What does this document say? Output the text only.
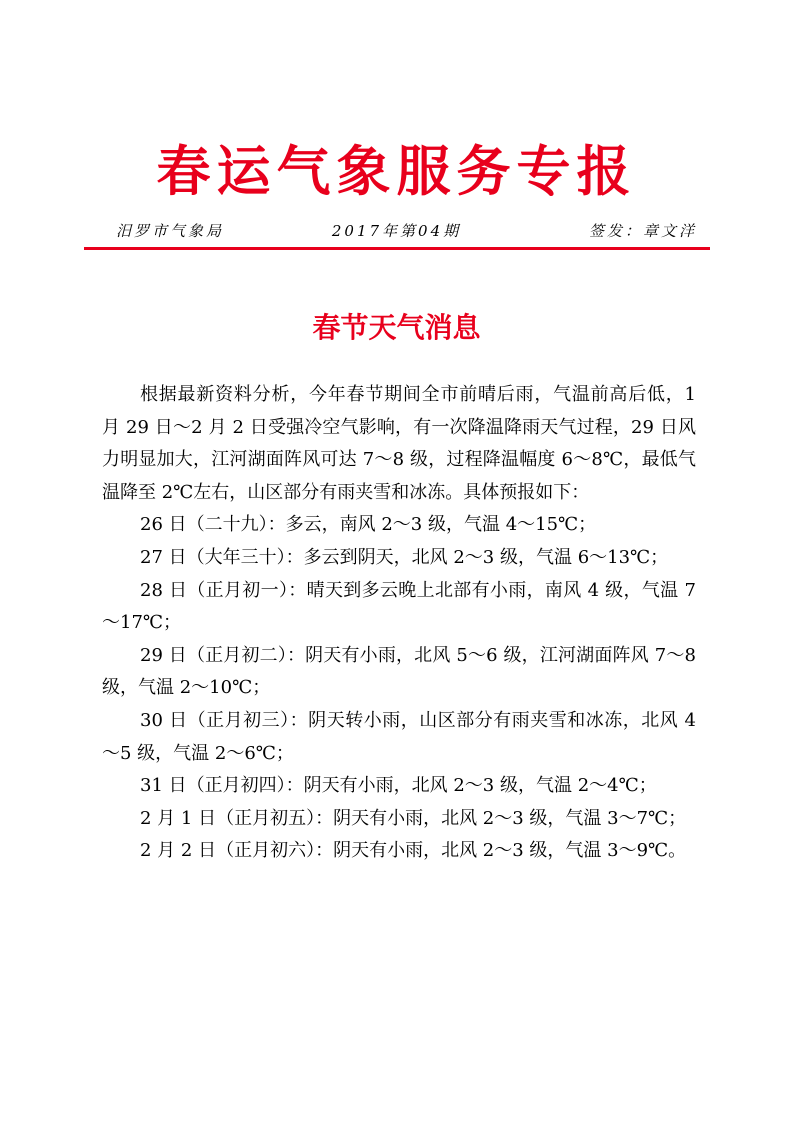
春运气象服务专报
汨罗市气象局	2017年第04期	签发：章文洋
春节天气消息

根据最新资料分析，今年春节期间全市前晴后雨，气温前高后低，1 月 29 日～2 月 2 日受强冷空气影响，有一次降温降雨天气过程，29 日风力明显加大，江河湖面阵风可达 7～8 级，过程降温幅度 6～8℃，最低气温降至 2℃左右，山区部分有雨夹雪和冰冻。具体预报如下：

26 日（二十九）：多云，南风 2～3 级，气温 4～15℃；

27 日（大年三十）：多云到阴天，北风 2～3 级，气温 6～13℃；

28 日（正月初一）：晴天到多云晚上北部有小雨，南风 4 级，气温 7～17℃；

29 日（正月初二）：阴天有小雨，北风 5～6 级，江河湖面阵风 7～8 级，气温 2～10℃；

30 日（正月初三）：阴天转小雨，山区部分有雨夹雪和冰冻，北风 4～5 级，气温 2～6℃；

31 日（正月初四）：阴天有小雨，北风 2～3 级，气温 2～4℃；

2 月 1 日（正月初五）：阴天有小雨，北风 2～3 级，气温 3～7℃；

2 月 2 日（正月初六）：阴天有小雨，北风 2～3 级，气温 3～9℃。
